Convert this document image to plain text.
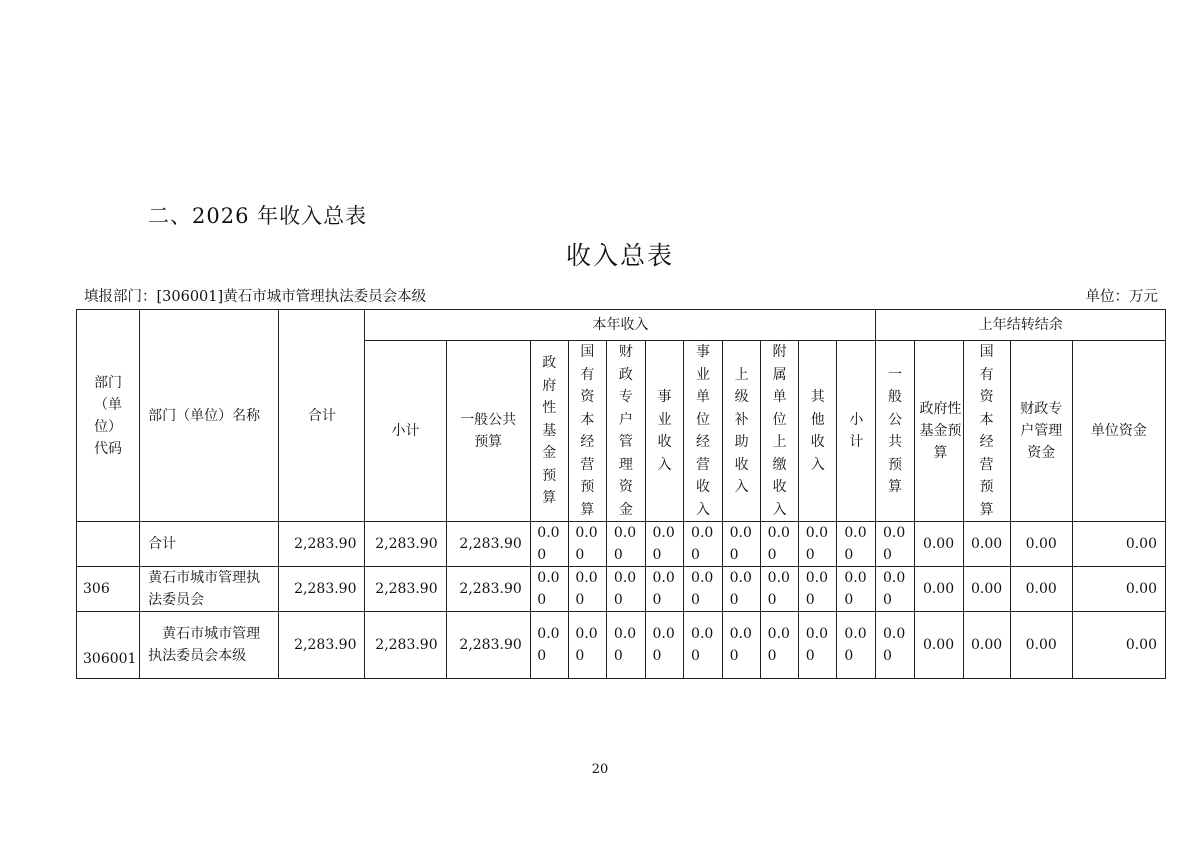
二、2026 年收入总表
收入总表
填报部门：[306001]黄石市城市管理执法委员会本级	单位：万元
部门（单位）代码	部门（单位）名称	合计	本年收入											上年结转结余				
			小计	一般公共预算	政府性基金预算	国有资本经营预算	财政专户管理资金	事业收入	事业单位经营收入	上级补助收入	附属单位上缴收入	其他收入	小计	一般公共预算	政府性基金预算	国有资本经营预算	财政专户管理资金	单位资金
	合计	2,283.90	2,283.90	2,283.90	0.00	0.00	0.00	0.00	0.00	0.00	0.00	0.00	0.00	0.00	0.00	0.00	0.00	0.00
306	黄石市城市管理执法委员会	2,283.90	2,283.90	2,283.90	0.00	0.00	0.00	0.00	0.00	0.00	0.00	0.00	0.00	0.00	0.00	0.00	0.00	0.00
306001	黄石市城市管理执法委员会本级	2,283.90	2,283.90	2,283.90	0.00	0.00	0.00	0.00	0.00	0.00	0.00	0.00	0.00	0.00	0.00	0.00	0.00	0.00
20
